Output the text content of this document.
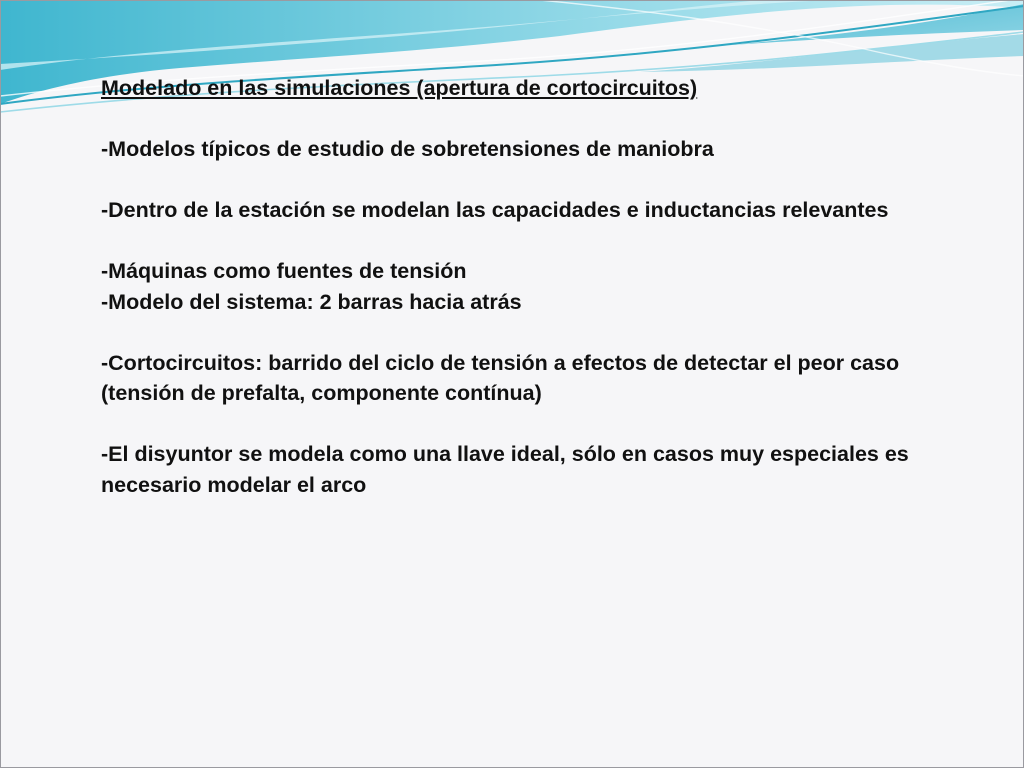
Modelado en las simulaciones (apertura de cortocircuitos)

-Modelos típicos de estudio de sobretensiones de maniobra

-Dentro de la estación se modelan las capacidades e inductancias relevantes

-Máquinas como fuentes de tensión

-Modelo del sistema: 2 barras hacia atrás

-Cortocircuitos: barrido del ciclo de tensión a efectos de detectar el peor caso (tensión de prefalta, componente contínua)

-El disyuntor se modela como una llave ideal, sólo en casos muy especiales es necesario modelar el arco
